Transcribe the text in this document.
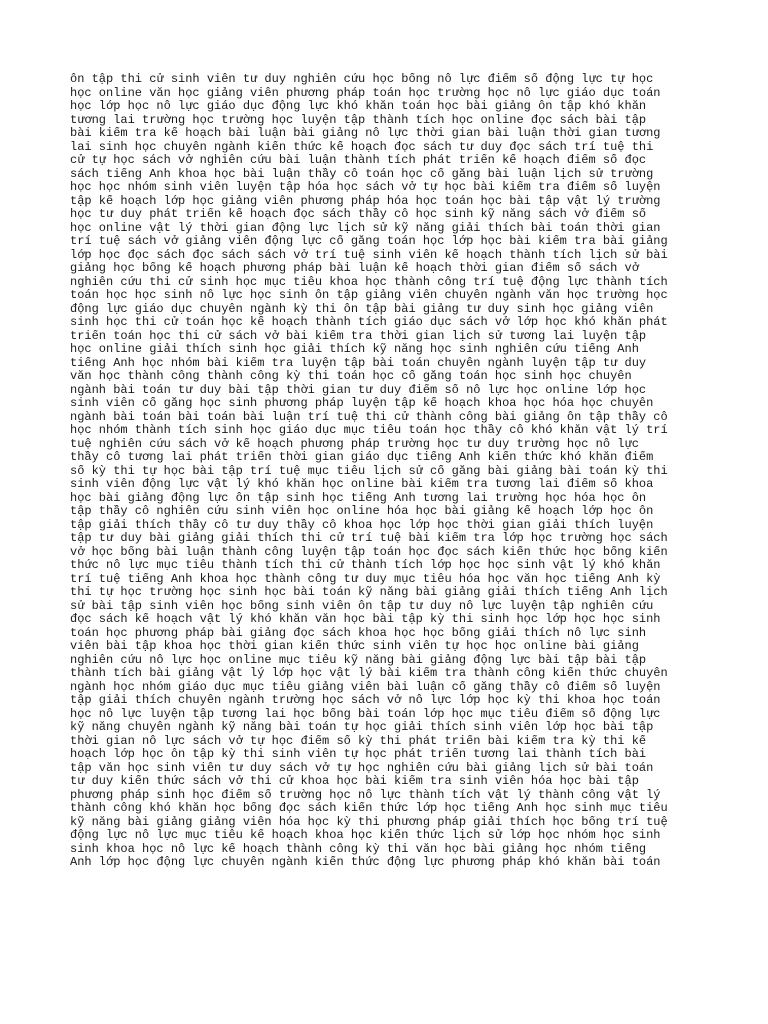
ôn tập thi cử sinh viên tư duy nghiên cứu học bổng nỗ lực điểm số động lực tự học
học online văn học giảng viên phương pháp toán học trường học nỗ lực giáo dục toán
học lớp học nỗ lực giáo dục động lực khó khăn toán học bài giảng ôn tập khó khăn
tương lai trường học trường học luyện tập thành tích học online đọc sách bài tập
bài kiểm tra kế hoạch bài luận bài giảng nỗ lực thời gian bài luận thời gian tương
lai sinh học chuyên ngành kiến thức kế hoạch đọc sách tư duy đọc sách trí tuệ thi
cử tự học sách vở nghiên cứu bài luận thành tích phát triển kế hoạch điểm số đọc
sách tiếng Anh khoa học bài luận thầy cô toán học cố gắng bài luận lịch sử trường
học học nhóm sinh viên luyện tập hóa học sách vở tự học bài kiểm tra điểm số luyện
tập kế hoạch lớp học giảng viên phương pháp hóa học toán học bài tập vật lý trường
học tư duy phát triển kế hoạch đọc sách thầy cô học sinh kỹ năng sách vở điểm số
học online vật lý thời gian động lực lịch sử kỹ năng giải thích bài toán thời gian
trí tuệ sách vở giảng viên động lực cố gắng toán học lớp học bài kiểm tra bài giảng
lớp học đọc sách đọc sách sách vở trí tuệ sinh viên kế hoạch thành tích lịch sử bài
giảng học bổng kế hoạch phương pháp bài luận kế hoạch thời gian điểm số sách vở
nghiên cứu thi cử sinh học mục tiêu khoa học thành công trí tuệ động lực thành tích
toán học học sinh nỗ lực học sinh ôn tập giảng viên chuyên ngành văn học trường học
động lực giáo dục chuyên ngành kỳ thi ôn tập bài giảng tư duy sinh học giảng viên
sinh học thi cử toán học kế hoạch thành tích giáo dục sách vở lớp học khó khăn phát
triển toán học thi cử sách vở bài kiểm tra thời gian lịch sử tương lai luyện tập
học online giải thích sinh học giải thích kỹ năng học sinh nghiên cứu tiếng Anh
tiếng Anh học nhóm bài kiểm tra luyện tập bài toán chuyên ngành luyện tập tư duy
văn học thành công thành công kỳ thi toán học cố gắng toán học sinh học chuyên
ngành bài toán tư duy bài tập thời gian tư duy điểm số nỗ lực học online lớp học
sinh viên cố gắng học sinh phương pháp luyện tập kế hoạch khoa học hóa học chuyên
ngành bài toán bài toán bài luận trí tuệ thi cử thành công bài giảng ôn tập thầy cô
học nhóm thành tích sinh học giáo dục mục tiêu toán học thầy cô khó khăn vật lý trí
tuệ nghiên cứu sách vở kế hoạch phương pháp trường học tư duy trường học nỗ lực
thầy cô tương lai phát triển thời gian giáo dục tiếng Anh kiến thức khó khăn điểm
số kỳ thi tự học bài tập trí tuệ mục tiêu lịch sử cố gắng bài giảng bài toán kỳ thi
sinh viên động lực vật lý khó khăn học online bài kiểm tra tương lai điểm số khoa
học bài giảng động lực ôn tập sinh học tiếng Anh tương lai trường học hóa học ôn
tập thầy cô nghiên cứu sinh viên học online hóa học bài giảng kế hoạch lớp học ôn
tập giải thích thầy cô tư duy thầy cô khoa học lớp học thời gian giải thích luyện
tập tư duy bài giảng giải thích thi cử trí tuệ bài kiểm tra lớp học trường học sách
vở học bổng bài luận thành công luyện tập toán học đọc sách kiến thức học bổng kiến
thức nỗ lực mục tiêu thành tích thi cử thành tích lớp học học sinh vật lý khó khăn
trí tuệ tiếng Anh khoa học thành công tư duy mục tiêu hóa học văn học tiếng Anh kỳ
thi tự học trường học sinh học bài toán kỹ năng bài giảng giải thích tiếng Anh lịch
sử bài tập sinh viên học bổng sinh viên ôn tập tư duy nỗ lực luyện tập nghiên cứu
đọc sách kế hoạch vật lý khó khăn văn học bài tập kỳ thi sinh học lớp học học sinh
toán học phương pháp bài giảng đọc sách khoa học học bổng giải thích nỗ lực sinh
viên bài tập khoa học thời gian kiến thức sinh viên tự học học online bài giảng
nghiên cứu nỗ lực học online mục tiêu kỹ năng bài giảng động lực bài tập bài tập
thành tích bài giảng vật lý lớp học vật lý bài kiểm tra thành công kiến thức chuyên
ngành học nhóm giáo dục mục tiêu giảng viên bài luận cố gắng thầy cô điểm số luyện
tập giải thích chuyên ngành trường học sách vở nỗ lực lớp học kỳ thi khoa học toán
học nỗ lực luyện tập tương lai học bổng bài toán lớp học mục tiêu điểm số động lực
kỹ năng chuyên ngành kỹ năng bài toán tự học giải thích sinh viên lớp học bài tập
thời gian nỗ lực sách vở tự học điểm số kỳ thi phát triển bài kiểm tra kỳ thi kế
hoạch lớp học ôn tập kỳ thi sinh viên tự học phát triển tương lai thành tích bài
tập văn học sinh viên tư duy sách vở tự học nghiên cứu bài giảng lịch sử bài toán
tư duy kiến thức sách vở thi cử khoa học bài kiểm tra sinh viên hóa học bài tập
phương pháp sinh học điểm số trường học nỗ lực thành tích vật lý thành công vật lý
thành công khó khăn học bổng đọc sách kiến thức lớp học tiếng Anh học sinh mục tiêu
kỹ năng bài giảng giảng viên hóa học kỳ thi phương pháp giải thích học bổng trí tuệ
động lực nỗ lực mục tiêu kế hoạch khoa học kiến thức lịch sử lớp học nhóm học sinh
sinh khoa học nỗ lực kế hoạch thành công kỳ thi văn học bài giảng học nhóm tiếng
Anh lớp học động lực chuyên ngành kiến thức động lực phương pháp khó khăn bài toán
